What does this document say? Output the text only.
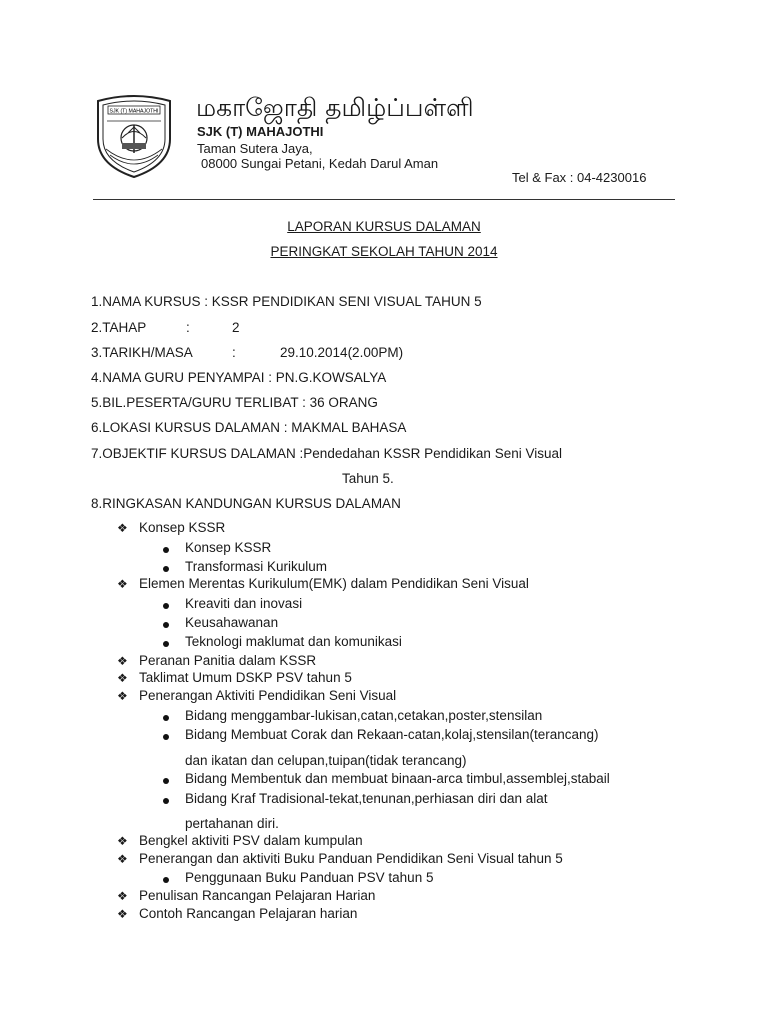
SJK (T) MAHAJOTHI மகாஜோதி தமிழ்ப்பள்ளி
SJK (T) MAHAJOTHI
Taman Sutera Jaya,
08000 Sungai Petani, Kedah Darul Aman
Tel & Fax : 04-4230016
LAPORAN KURSUS DALAMAN
PERINGKAT SEKOLAH TAHUN 2014
1.NAMA KURSUS : KSSR PENDIDIKAN SENI VISUAL TAHUN 5
2.TAHAP	:	2
3.TARIKH/MASA	:	29.10.2014(2.00PM)
4.NAMA GURU PENYAMPAI : PN.G.KOWSALYA
5.BIL.PESERTA/GURU TERLIBAT : 36 ORANG
6.LOKASI KURSUS DALAMAN : MAKMAL BAHASA
7.OBJEKTIF KURSUS DALAMAN :Pendedahan KSSR Pendidikan Seni Visual
Tahun 5.
8.RINGKASAN KANDUNGAN KURSUS DALAMAN
❖ Konsep KSSR
Konsep KSSR
Transformasi Kurikulum
❖ Elemen Merentas Kurikulum(EMK) dalam Pendidikan Seni Visual
Kreaviti dan inovasi
Keusahawanan
Teknologi maklumat dan komunikasi
❖ Peranan Panitia dalam KSSR
❖ Taklimat Umum DSKP PSV tahun 5
❖ Penerangan Aktiviti Pendidikan Seni Visual
Bidang menggambar-lukisan,catan,cetakan,poster,stensilan
Bidang Membuat Corak dan Rekaan-catan,kolaj,stensilan(terancang)
dan ikatan dan celupan,tuipan(tidak terancang)
Bidang Membentuk dan membuat binaan-arca timbul,assemblej,stabail
Bidang Kraf Tradisional-tekat,tenunan,perhiasan diri dan alat
pertahanan diri.
❖ Bengkel aktiviti PSV dalam kumpulan
❖ Penerangan dan aktiviti Buku Panduan Pendidikan Seni Visual tahun 5
Penggunaan Buku Panduan PSV tahun 5
❖ Penulisan Rancangan Pelajaran Harian
❖ Contoh Rancangan Pelajaran harian
